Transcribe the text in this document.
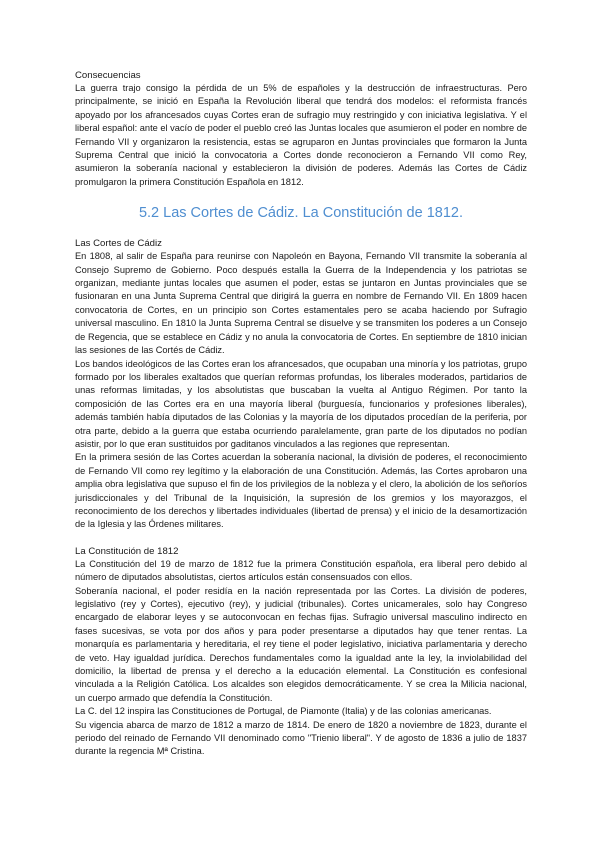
Consecuencias

La guerra trajo consigo la pérdida de un 5% de españoles y la destrucción de infraestructuras. Pero principalmente, se inició en España la Revolución liberal que tendrá dos modelos: el reformista francés apoyado por los afrancesados cuyas Cortes eran de sufragio muy restringido y con iniciativa legislativa. Y el liberal español: ante el vacío de poder el pueblo creó las Juntas locales que asumieron el poder en nombre de Fernando VII y organizaron la resistencia, estas se agruparon en Juntas provinciales que formaron la Junta Suprema Central que inició la convocatoria a Cortes donde reconocieron a Fernando VII como Rey, asumieron la soberanía nacional y establecieron la división de poderes. Además las Cortes de Cádiz promulgaron la primera Constitución Española en 1812.

5.2 Las Cortes de Cádiz. La Constitución de 1812.

Las Cortes de Cádiz

En 1808, al salir de España para reunirse con Napoleón en Bayona, Fernando VII transmite la soberanía al Consejo Supremo de Gobierno. Poco después estalla la Guerra de la Independencia y los patriotas se organizan, mediante juntas locales que asumen el poder, estas se juntaron en Juntas provinciales que se fusionaran en una Junta Suprema Central que dirigirá la guerra en nombre de Fernando VII. En 1809 hacen convocatoria de Cortes, en un principio son Cortes estamentales pero se acaba haciendo por Sufragio universal masculino. En 1810 la Junta Suprema Central se disuelve y se transmiten los poderes a un Consejo de Regencia, que se establece en Cádiz y no anula la convocatoria de Cortes. En septiembre de 1810 inician las sesiones de las Cortés de Cádiz.

Los bandos ideológicos de las Cortes eran los afrancesados, que ocupaban una minoría y los patriotas, grupo formado por los liberales exaltados que querían reformas profundas, los liberales moderados, partidarios de unas reformas limitadas, y los absolutistas que buscaban la vuelta al Antiguo Régimen. Por tanto la composición de las Cortes era en una mayoría liberal (burguesía, funcionarios y profesiones liberales), además también había diputados de las Colonias y la mayoría de los diputados procedían de la periferia, por otra parte, debido a la guerra que estaba ocurriendo paralelamente, gran parte de los diputados no podían asistir, por lo que eran sustituidos por gaditanos vinculados a las regiones que representan.

En la primera sesión de las Cortes acuerdan la soberanía nacional, la división de poderes, el reconocimiento de Fernando VII como rey legítimo y la elaboración de una Constitución. Además, las Cortes aprobaron una amplia obra legislativa que supuso el fin de los privilegios de la nobleza y el clero, la abolición de los señoríos jurisdiccionales y del Tribunal de la Inquisición, la supresión de los gremios y los mayorazgos, el reconocimiento de los derechos y libertades individuales (libertad de prensa) y el inicio de la desamortización de la Iglesia y las Órdenes militares.

La Constitución de 1812

La Constitución del 19 de marzo de 1812 fue la primera Constitución española, era liberal pero debido al número de diputados absolutistas, ciertos artículos están consensuados con ellos.

Soberanía nacional, el poder residía en la nación representada por las Cortes. La división de poderes, legislativo (rey y Cortes), ejecutivo (rey), y judicial (tribunales). Cortes unicamerales, solo hay Congreso encargado de elaborar leyes y se autoconvocan en fechas fijas. Sufragio universal masculino indirecto en fases sucesivas, se vota por dos años y para poder presentarse a diputados hay que tener rentas. La monarquía es parlamentaria y hereditaria, el rey tiene el poder legislativo, iniciativa parlamentaria y derecho de veto. Hay igualdad jurídica. Derechos fundamentales como la igualdad ante la ley, la inviolabilidad del domicilio, la libertad de prensa y el derecho a la educación elemental. La Constitución es confesional vinculada a la Religión Católica. Los alcaldes son elegidos democráticamente. Y se crea la Milicia nacional, un cuerpo armado que defendía la Constitución.

La C. del 12 inspira las Constituciones de Portugal, de Piamonte (Italia) y de las colonias americanas.

Su vigencia abarca de marzo de 1812 a marzo de 1814. De enero de 1820 a noviembre de 1823, durante el periodo del reinado de Fernando VII denominado como "Trienio liberal". Y de agosto de 1836 a julio de 1837 durante la regencia Mª Cristina.
